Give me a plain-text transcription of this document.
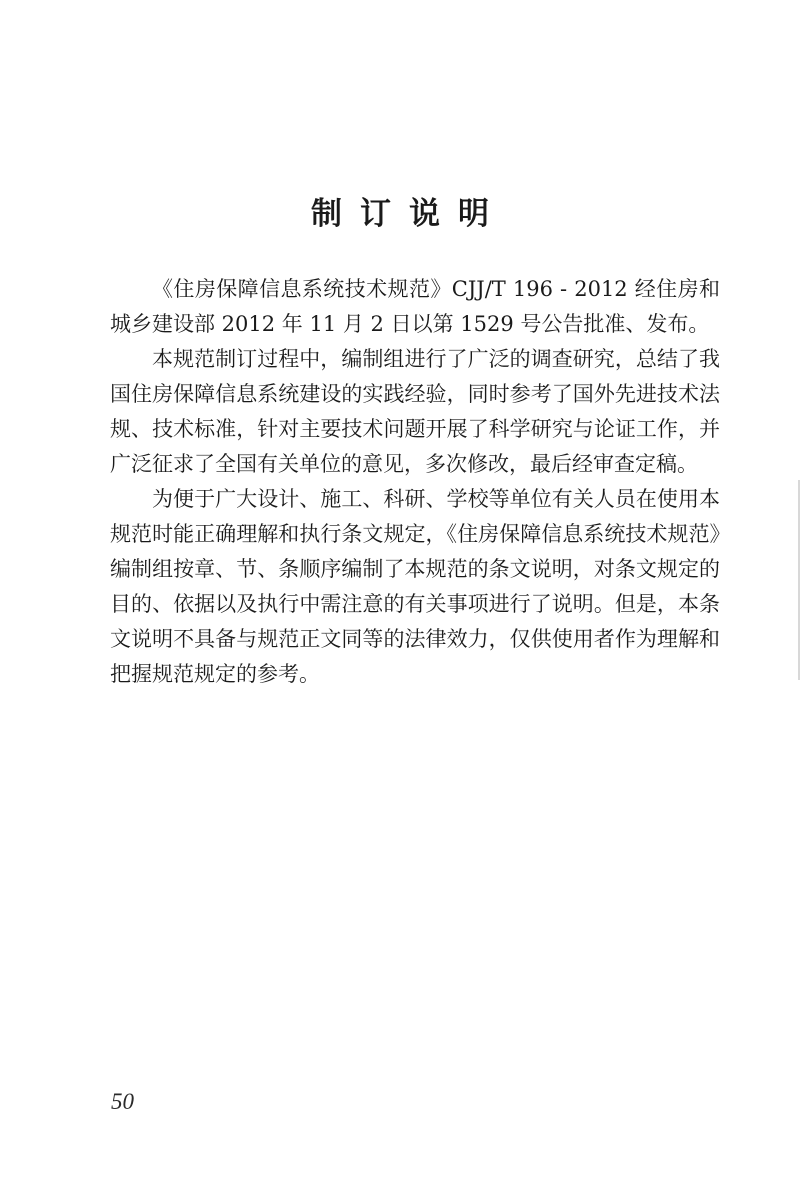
制订说明

《住房保障信息系统技术规范》CJJ/T 196 - 2012 经住房和城乡建设部 2012 年 11 月 2 日以第 1529 号公告批准、发布。

本规范制订过程中，编制组进行了广泛的调查研究，总结了我国住房保障信息系统建设的实践经验，同时参考了国外先进技术法规、技术标准，针对主要技术问题开展了科学研究与论证工作，并广泛征求了全国有关单位的意见，多次修改，最后经审查定稿。

为便于广大设计、施工、科研、学校等单位有关人员在使用本规范时能正确理解和执行条文规定，《住房保障信息系统技术规范》编制组按章、节、条顺序编制了本规范的条文说明，对条文规定的目的、依据以及执行中需注意的有关事项进行了说明。但是，本条文说明不具备与规范正文同等的法律效力，仅供使用者作为理解和把握规范规定的参考。

50
